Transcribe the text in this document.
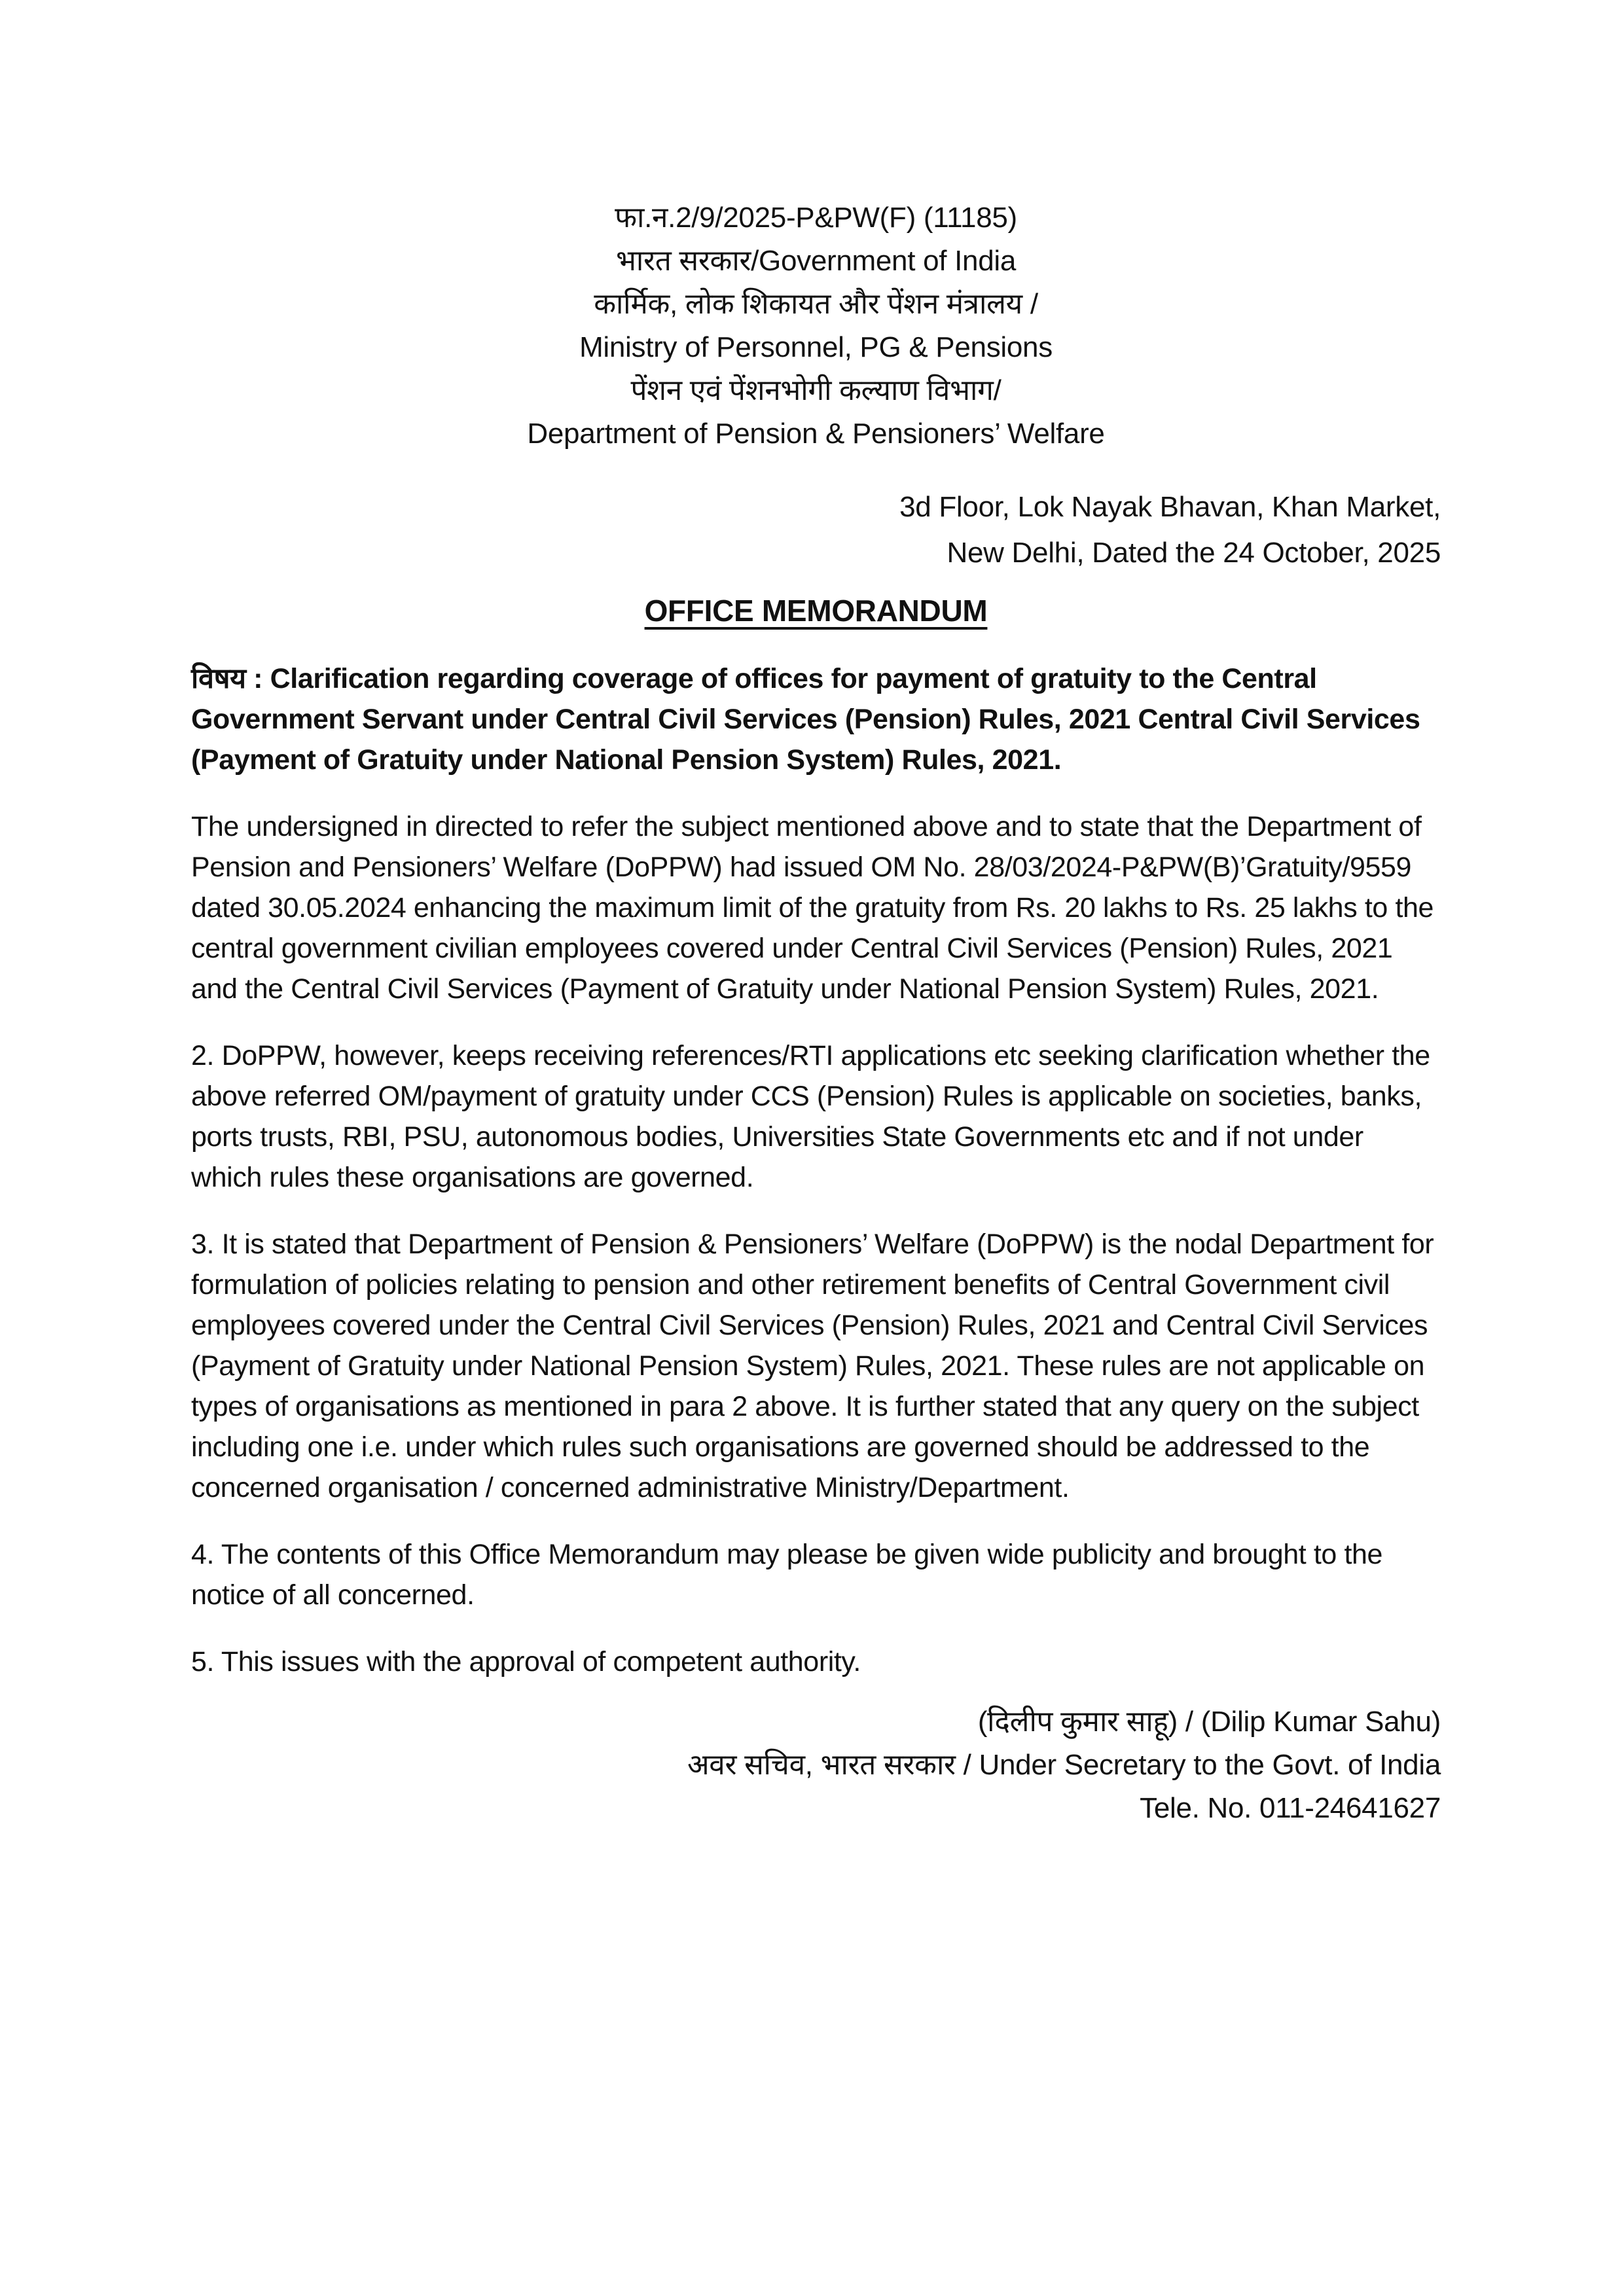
फा.न.2/9/2025-P&PW(F) (11185)
भारत सरकार/Government of India
कार्मिक, लोक शिकायत और पेंशन मंत्रालय /
Ministry of Personnel, PG & Pensions
पेंशन एवं पेंशनभोगी कल्याण विभाग/
Department of Pension & Pensioners’ Welfare
3d Floor, Lok Nayak Bhavan, Khan Market,
New Delhi, Dated the 24 October, 2025
OFFICE MEMORANDUM

विषय : Clarification regarding coverage of offices for payment of gratuity to the Central Government Servant under Central Civil Services (Pension) Rules, 2021 Central Civil Services (Payment of Gratuity under National Pension System) Rules, 2021.

The undersigned in directed to refer the subject mentioned above and to state that the Department of Pension and Pensioners’ Welfare (DoPPW) had issued OM No. 28/03/2024-P&PW(B)’Gratuity/9559 dated 30.05.2024 enhancing the maximum limit of the gratuity from Rs. 20 lakhs to Rs. 25 lakhs to the central government civilian employees covered under Central Civil Services (Pension) Rules, 2021 and the Central Civil Services (Payment of Gratuity under National Pension System) Rules, 2021.

2. DoPPW, however, keeps receiving references/RTI applications etc seeking clarification whether the above referred OM/payment of gratuity under CCS (Pension) Rules is applicable on societies, banks, ports trusts, RBI, PSU, autonomous bodies, Universities State Governments etc and if not under which rules these organisations are governed.

3. It is stated that Department of Pension & Pensioners’ Welfare (DoPPW) is the nodal Department for formulation of policies relating to pension and other retirement benefits of Central Government civil employees covered under the Central Civil Services (Pension) Rules, 2021 and Central Civil Services (Payment of Gratuity under National Pension System) Rules, 2021. These rules are not applicable on types of organisations as mentioned in para 2 above. It is further stated that any query on the subject including one i.e. under which rules such organisations are governed should be addressed to the concerned organisation / concerned administrative Ministry/Department.

4. The contents of this Office Memorandum may please be given wide publicity and brought to the notice of all concerned.

5. This issues with the approval of competent authority.

(दिलीप कुमार साहू) / (Dilip Kumar Sahu)
अवर सचिव, भारत सरकार / Under Secretary to the Govt. of India
Tele. No. 011-24641627
